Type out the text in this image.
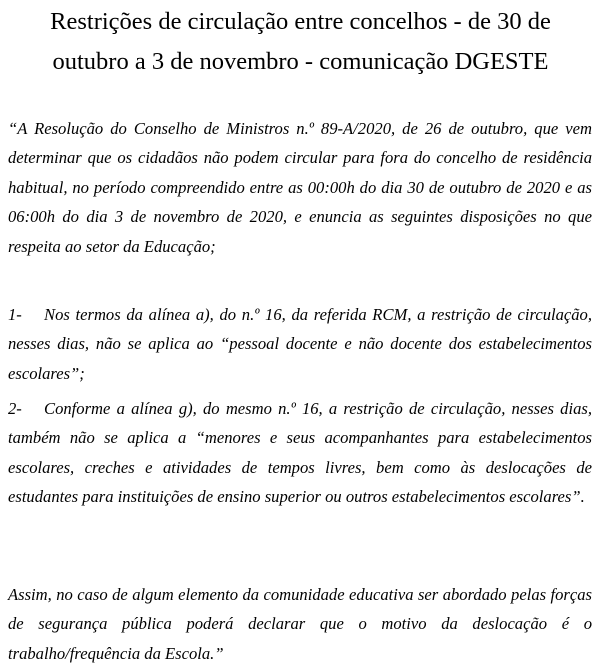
Restrições de circulação entre concelhos - de 30 de
outubro a 3 de novembro - comunicação DGESTE
“A Resolução do Conselho de Ministros n.º 89-A/2020, de 26 de outubro, que vem determinar que os cidadãos não podem circular para fora do concelho de residência habitual, no período compreendido entre as 00:00h do dia 30 de outubro de 2020 e as 06:00h do dia 3 de novembro de 2020, e enuncia as seguintes disposições no que respeita ao setor da Educação;
1- Nos termos da alínea a), do n.º 16, da referida RCM, a restrição de circulação, nesses dias, não se aplica ao “pessoal docente e não docente dos estabelecimentos escolares”;
2- Conforme a alínea g), do mesmo n.º 16, a restrição de circulação, nesses dias, também não se aplica a “menores e seus acompanhantes para estabelecimentos escolares, creches e atividades de tempos livres, bem como às deslocações de estudantes para instituições de ensino superior ou outros estabelecimentos escolares”.
Assim, no caso de algum elemento da comunidade educativa ser abordado pelas forças de segurança pública poderá declarar que o motivo da deslocação é o trabalho/frequência da Escola.”
